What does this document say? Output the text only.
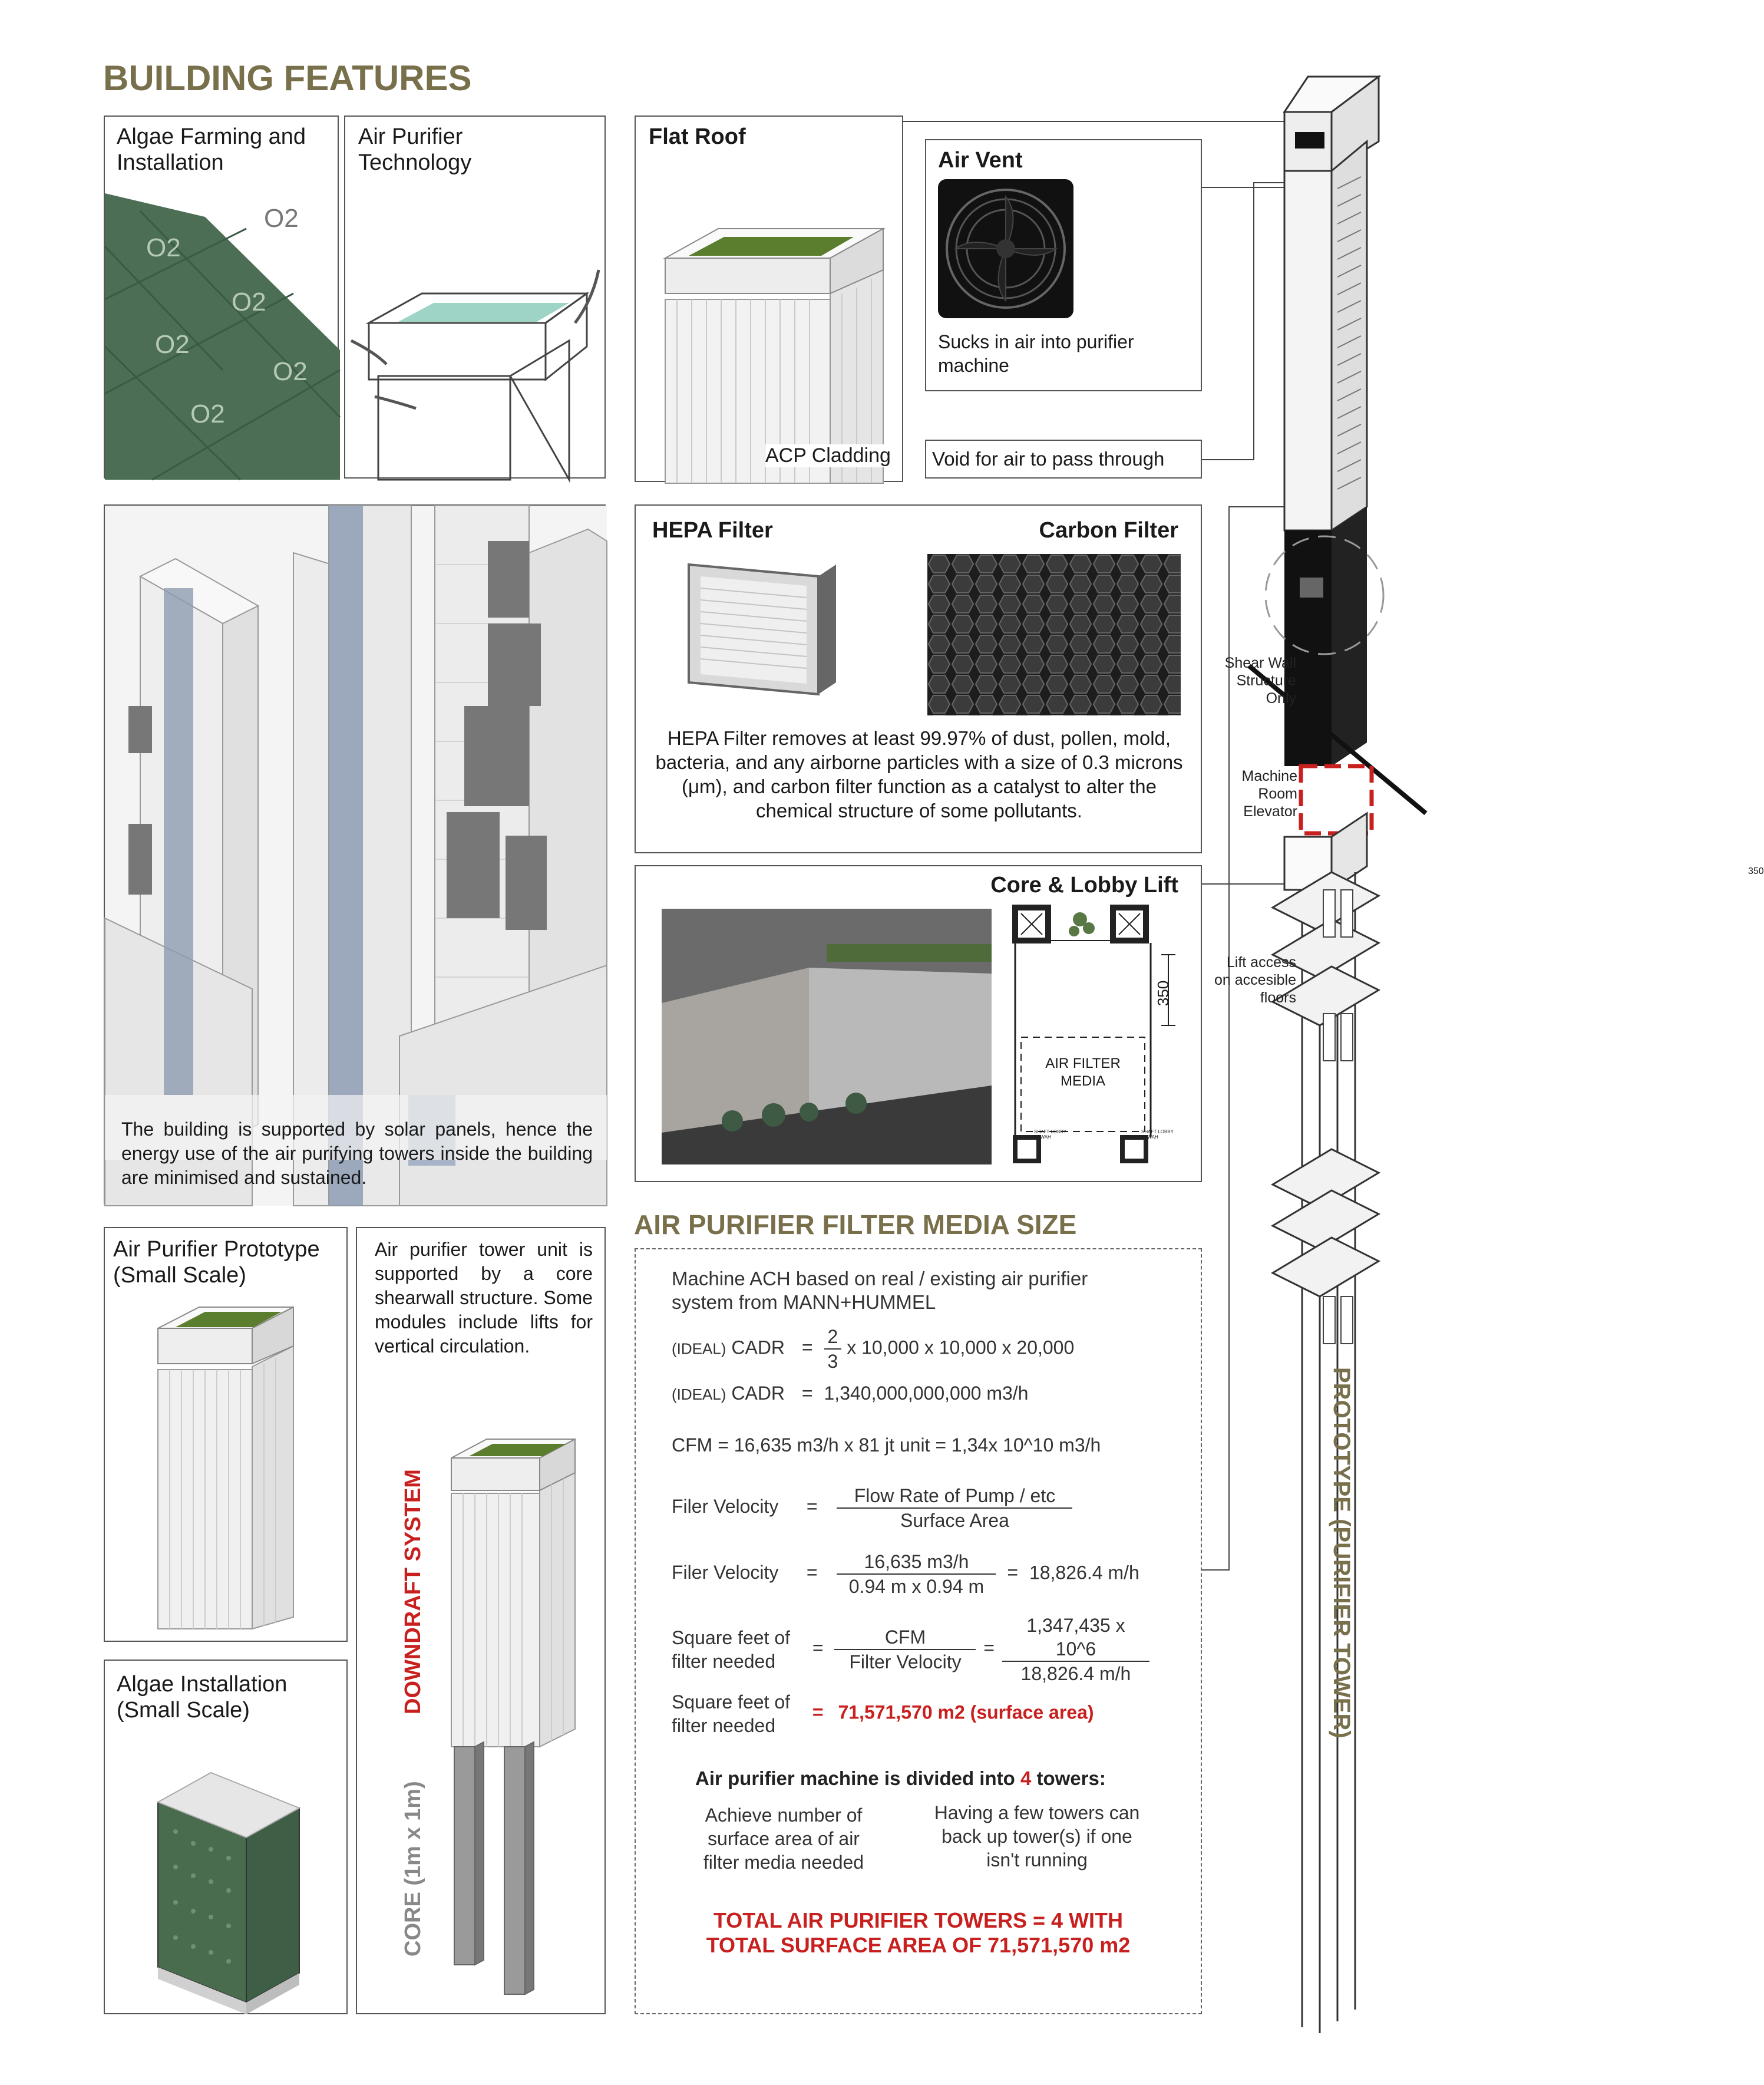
BUILDING FEATURES
Algae Farming and Installation
O2
O2
O2
O2
O2
O2
Air Purifier Technology
Flat Roof
ACP Cladding
Air Vent
Sucks in air into purifier machine
Void for air to pass through
The building is supported by solar panels, hence the energy use of the air purifying towers inside the building are minimised and sustained.
HEPA Filter	Carbon Filter
HEPA Filter removes at least 99.97% of dust, pollen, mold, bacteria, and any airborne particles with a size of 0.3 microns (μm), and carbon filter function as a catalyst to alter the chemical structure of some pollutants.
Core & Lobby Lift
350
350
AIR FILTER MEDIA
SHAFT LOBBY BAWAH
SHAFT LOBBY BAWAH
Air Purifier Prototype (Small Scale)
Air purifier tower unit is supported by a core shearwall structure. Some modules include lifts for vertical circulation.
DOWNDRAFT SYSTEM
CORE (1m x 1m)
Algae Installation (Small Scale)
AIR PURIFIER FILTER MEDIA SIZE
Machine ACH based on real / existing air purifier system from MANN+HUMMEL
(IDEAL) CADR = $\frac{2}{3}$ x 10,000 x 10,000 x 20,000
(IDEAL) CADR = 1,340,000,000,000 m3/h
CFM = 16,635 m3/h x 81 jt unit = 1,34x 10^10 m3/h
Filer Velocity = $\frac{\text{Flow Rate of Pump / etc}}{\text{Surface Area}}$
Filer Velocity = $\frac{16,635 m3/h}{\text{0.94 m x 0.94 m}} = 18,826.4$ m/h
Square feet of filter needed = $\frac{\text{CFM}}{\text{Filter Velocity}} = \frac{1,347,435 x 10\^{}6}{18,826.4 m/h}$
Square feet of filter needed = 71,571,570 m2 (surface area)
Air purifier machine is divided into 4 towers:
Achieve number of surface area of air filter media needed
Having a few towers can back up tower(s) if one isn't running
TOTAL AIR PURIFIER TOWERS = 4 WITH
TOTAL SURFACE AREA OF 71,571,570 m2
Shear Wall Structure Only
Machine Room Elevator
Lift access on accesible floors
PROTOTYPE (PURIFIER TOWER)
